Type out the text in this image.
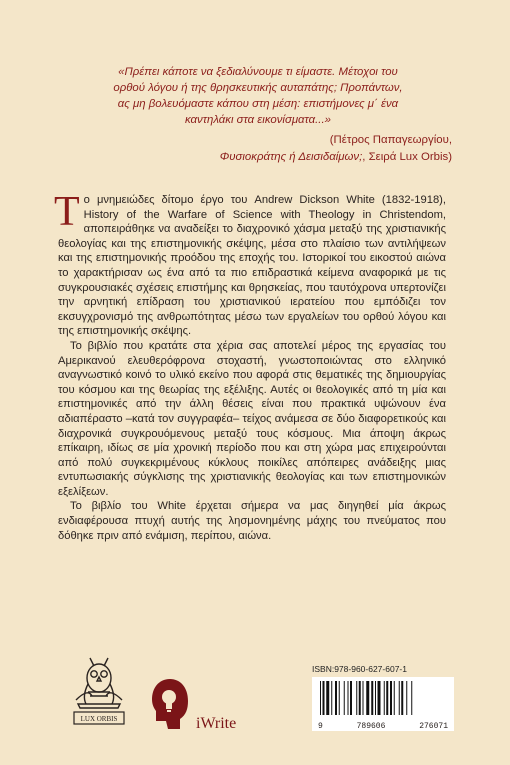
«Πρέπει κάποτε να ξεδιαλύνουμε τι είμαστε. Μέτοχοι του

ορθού λόγου ή της θρησκευτικής αυταπάτης; Προπάντων,

ας μη βολευόμαστε κάπου στη μέση: επιστήμονες μ΄ ένα

καντηλάκι στα εικονίσματα...»

(Πέτρος Παπαγεωργίου,
Φυσιοκράτης ή Δεισιδαίμων;, Σειρά Lux Orbis)

Το μνημειώδες δίτομο έργο του Andrew Dickson White (1832-1918), History of the Warfare of Science with Theology in Christendom, αποπειράθηκε να αναδείξει το διαχρονικό χάσμα μεταξύ της χριστιανικής θεολογίας και της επιστημονικής σκέψης, μέσα στο πλαίσιο των αντιλήψεων και της επιστημονικής προόδου της εποχής του. Ιστορικοί του εικοστού αιώνα το χαρακτήρισαν ως ένα από τα πιο επιδραστικά κείμενα αναφορικά με τις συγκρουσιακές σχέσεις επιστήμης και θρησκείας, που ταυτόχρονα υπερτονίζει την αρνητική επίδραση του χριστιανικού ιερατείου που εμπόδιζει τον εκσυγχρονισμό της ανθρωπότητας μέσω των εργαλείων του ορθού λόγου και της επιστημονικής σκέψης.

Το βιβλίο που κρατάτε στα χέρια σας αποτελεί μέρος της εργασίας του Αμερικανού ελευθερόφρονα στοχαστή, γνωστοποιώντας στο ελληνικό αναγνωστικό κοινό το υλικό εκείνο που αφορά στις θεματικές της δημιουργίας του κόσμου και της θεωρίας της εξέλιξης. Αυτές οι θεολογικές από τη μία και επιστημονικές από την άλλη θέσεις είναι που πρακτικά υψώνουν ένα αδιαπέραστο –κατά τον συγγραφέα– τείχος ανάμεσα σε δύο διαφορετικούς και διαχρονικά συγκρουόμενους μεταξύ τους κόσμους. Μια άποψη άκρως επίκαιρη, ιδίως σε μία χρονική περίοδο που και στη χώρα μας επιχειρούνται από πολύ συγκεκριμένους κύκλους ποικίλες απόπειρες ανάδειξης μιας εντυπωσιακής σύγκλισης της χριστιανικής θεολογίας και των επιστημονικών εξελίξεων.

Το βιβλίο του White έρχεται σήμερα να μας διηγηθεί μία άκρως ενδιαφέρουσα πτυχή αυτής της λησμονημένης μάχης του πνεύματος που δόθηκε πριν από ενάμιση, περίπου, αιώνα.

LUX ORBIS	iWrite
ISBN:978-960-627-607-1
9	789606	276071
